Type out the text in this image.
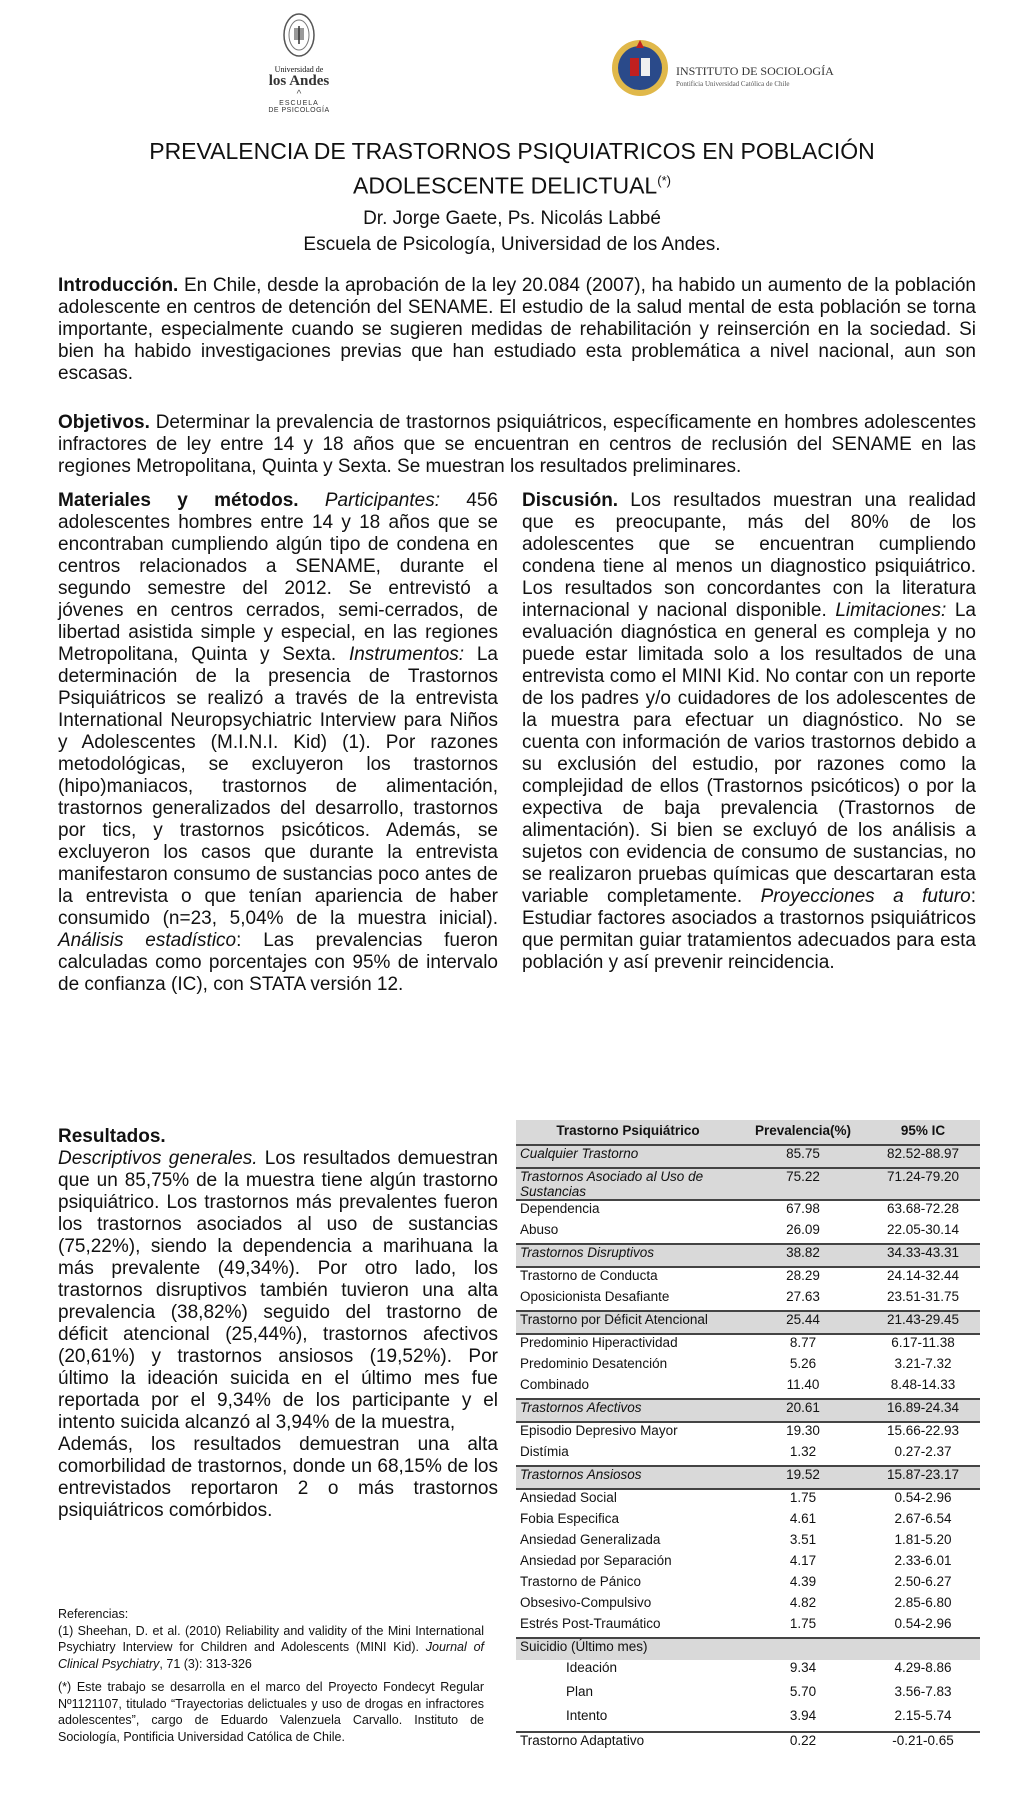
Universidad de
los Andes
^
ESCUELA
DE PSICOLOGÍA
INSTITUTO DE SOCIOLOGÍA
Pontificia Universidad Católica de Chile
PREVALENCIA DE TRASTORNOS PSIQUIATRICOS EN POBLACIÓN
ADOLESCENTE DELICTUAL(*)
Dr. Jorge Gaete, Ps. Nicolás Labbé
Escuela de Psicología, Universidad de los Andes.
Introducción. En Chile, desde la aprobación de la ley 20.084 (2007), ha habido un aumento de la población adolescente en centros de detención del SENAME. El estudio de la salud mental de esta población se torna importante, especialmente cuando se sugieren medidas de rehabilitación y reinserción en la sociedad. Si bien ha habido investigaciones previas que han estudiado esta problemática a nivel nacional, aun son escasas.
Objetivos. Determinar la prevalencia de trastornos psiquiátricos, específicamente en hombres adolescentes infractores de ley entre 14 y 18 años que se encuentran en centros de reclusión del SENAME en las regiones Metropolitana, Quinta y Sexta. Se muestran los resultados preliminares.
Materiales y métodos. Participantes: 456 adolescentes hombres entre 14 y 18 años que se encontraban cumpliendo algún tipo de condena en centros relacionados a SENAME, durante el segundo semestre del 2012. Se entrevistó a jóvenes en centros cerrados, semi-cerrados, de libertad asistida simple y especial, en las regiones Metropolitana, Quinta y Sexta. Instrumentos: La determinación de la presencia de Trastornos Psiquiátricos se realizó a través de la entrevista International Neuropsychiatric Interview para Niños y Adolescentes (M.I.N.I. Kid) (1). Por razones metodológicas, se excluyeron los trastornos (hipo)maniacos, trastornos de alimentación, trastornos generalizados del desarrollo, trastornos por tics, y trastornos psicóticos. Además, se excluyeron los casos que durante la entrevista manifestaron consumo de sustancias poco antes de la entrevista o que tenían apariencia de haber consumido (n=23, 5,04% de la muestra inicial). Análisis estadístico: Las prevalencias fueron calculadas como porcentajes con 95% de intervalo de confianza (IC), con STATA versión 12.
Resultados.
Descriptivos generales. Los resultados demuestran que un 85,75% de la muestra tiene algún trastorno psiquiátrico. Los trastornos más prevalentes fueron los trastornos asociados al uso de sustancias (75,22%), siendo la dependencia a marihuana la más prevalente (49,34%). Por otro lado, los trastornos disruptivos también tuvieron una alta prevalencia (38,82%) seguido del trastorno de déficit atencional (25,44%), trastornos afectivos (20,61%) y trastornos ansiosos (19,52%). Por último la ideación suicida en el último mes fue reportada por el 9,34% de los participante y el intento suicida alcanzó al 3,94% de la muestra,
Además, los resultados demuestran una alta comorbilidad de trastornos, donde un 68,15% de los entrevistados reportaron 2 o más trastornos psiquiátricos comórbidos.
Discusión. Los resultados muestran una realidad que es preocupante, más del 80% de los adolescentes que se encuentran cumpliendo condena tiene al menos un diagnostico psiquiátrico. Los resultados son concordantes con la literatura internacional y nacional disponible. Limitaciones: La evaluación diagnóstica en general es compleja y no puede estar limitada solo a los resultados de una entrevista como el MINI Kid. No contar con un reporte de los padres y/o cuidadores de los adolescentes de la muestra para efectuar un diagnóstico. No se cuenta con información de varios trastornos debido a su exclusión del estudio, por razones como la complejidad de ellos (Trastornos psicóticos) o por la expectiva de baja prevalencia (Trastornos de alimentación). Si bien se excluyó de los análisis a sujetos con evidencia de consumo de sustancias, no se realizaron pruebas químicas que descartaran esta variable completamente. Proyecciones a futuro: Estudiar factores asociados a trastornos psiquiátricos que permitan guiar tratamientos adecuados para esta población y así prevenir reincidencia.
Referencias:
(1) Sheehan, D. et al. (2010) Reliability and validity of the Mini International Psychiatry Interview for Children and Adolescents (MINI Kid). Journal of Clinical Psychiatry, 71 (3): 313-326
(*) Este trabajo se desarrolla en el marco del Proyecto Fondecyt Regular Nº1121107, titulado “Trayectorias delictuales y uso de drogas en infractores adolescentes”, cargo de Eduardo Valenzuela Carvallo. Instituto de Sociología, Pontificia Universidad Católica de Chile.
Trastorno Psiquiátrico	Prevalencia(%)	95% IC
Cualquier Trastorno	85.75	82.52-88.97
Trastornos Asociado al Uso de Sustancias	75.22	71.24-79.20
Dependencia	67.98	63.68-72.28
Abuso	26.09	22.05-30.14
Trastornos Disruptivos	38.82	34.33-43.31
Trastorno de Conducta	28.29	24.14-32.44
Oposicionista Desafiante	27.63	23.51-31.75
Trastorno por Déficit Atencional	25.44	21.43-29.45
Predominio Hiperactividad	8.77	6.17-11.38
Predominio Desatención	5.26	3.21-7.32
Combinado	11.40	8.48-14.33
Trastornos Afectivos	20.61	16.89-24.34
Episodio Depresivo Mayor	19.30	15.66-22.93
Distímia	1.32	0.27-2.37
Trastornos Ansiosos	19.52	15.87-23.17
Ansiedad Social	1.75	0.54-2.96
Fobia Especifica	4.61	2.67-6.54
Ansiedad Generalizada	3.51	1.81-5.20
Ansiedad por Separación	4.17	2.33-6.01
Trastorno de Pánico	4.39	2.50-6.27
Obsesivo-Compulsivo	4.82	2.85-6.80
Estrés Post-Traumático	1.75	0.54-2.96
Suicidio (Último mes)		
Ideación	9.34	4.29-8.86
Plan	5.70	3.56-7.83
Intento	3.94	2.15-5.74
Trastorno Adaptativo	0.22	-0.21-0.65
